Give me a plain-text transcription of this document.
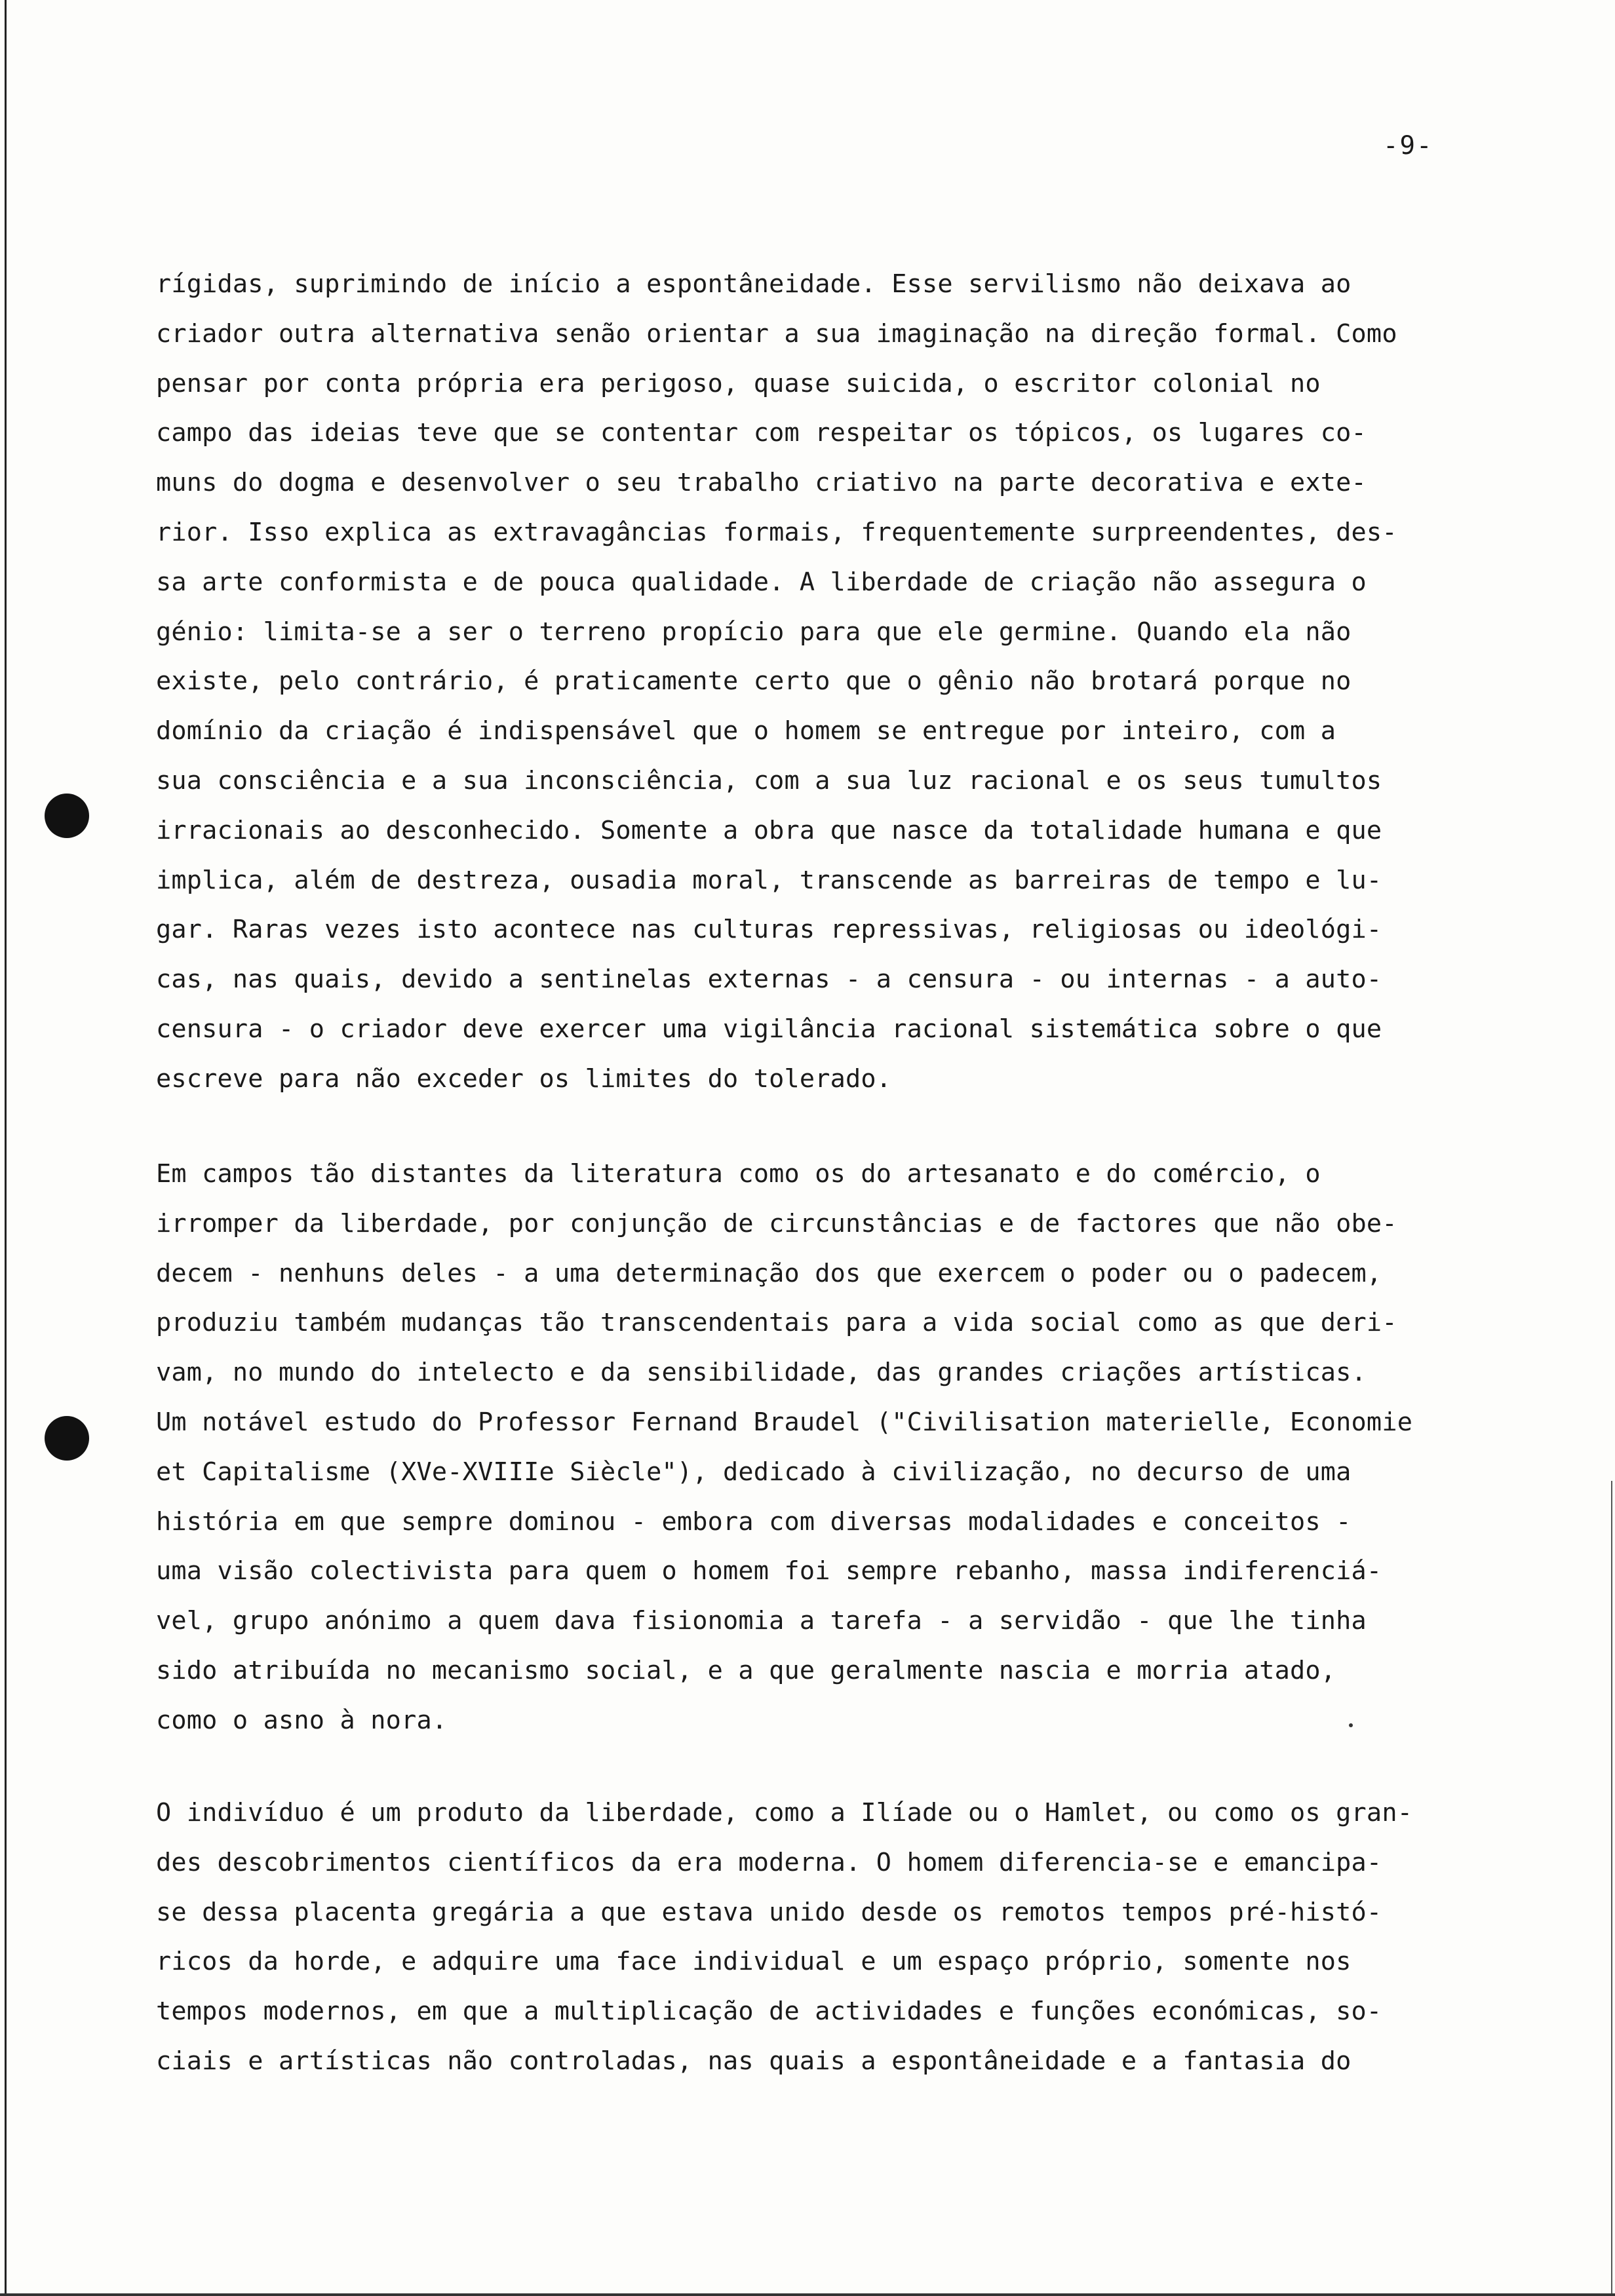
-9-
rígidas, suprimindo de início a espontâneidade. Esse servilismo não deixava ao
criador outra alternativa senão orientar a sua imaginação na direção formal. Como
pensar por conta própria era perigoso, quase suicida, o escritor colonial no
campo das ideias teve que se contentar com respeitar os tópicos, os lugares co-
muns do dogma e desenvolver o seu trabalho criativo na parte decorativa e exte-
rior. Isso explica as extravagâncias formais, frequentemente surpreendentes, des-
sa arte conformista e de pouca qualidade. A liberdade de criação não assegura o
génio: limita-se a ser o terreno propício para que ele germine. Quando ela não
existe, pelo contrário, é praticamente certo que o gênio não brotará porque no
domínio da criação é indispensável que o homem se entregue por inteiro, com a
sua consciência e a sua inconsciência, com a sua luz racional e os seus tumultos
irracionais ao desconhecido. Somente a obra que nasce da totalidade humana e que
implica, além de destreza, ousadia moral, transcende as barreiras de tempo e lu-
gar. Raras vezes isto acontece nas culturas repressivas, religiosas ou ideológi-
cas, nas quais, devido a sentinelas externas - a censura - ou internas - a auto-
censura - o criador deve exercer uma vigilância racional sistemática sobre o que
escreve para não exceder os limites do tolerado.
Em campos tão distantes da literatura como os do artesanato e do comércio, o
irromper da liberdade, por conjunção de circunstâncias e de factores que não obe-
decem - nenhuns deles - a uma determinação dos que exercem o poder ou o padecem,
produziu também mudanças tão transcendentais para a vida social como as que deri-
vam, no mundo do intelecto e da sensibilidade, das grandes criações artísticas.
Um notável estudo do Professor Fernand Braudel ("Civilisation materielle, Economie
et Capitalisme (XVe-XVIIIe Siècle"), dedicado à civilização, no decurso de uma
história em que sempre dominou - embora com diversas modalidades e conceitos -
uma visão colectivista para quem o homem foi sempre rebanho, massa indiferenciá-
vel, grupo anónimo a quem dava fisionomia a tarefa - a servidão - que lhe tinha
sido atribuída no mecanismo social, e a que geralmente nascia e morria atado,
como o asno à nora.
O indivíduo é um produto da liberdade, como a Ilíade ou o Hamlet, ou como os gran-
des descobrimentos científicos da era moderna. O homem diferencia-se e emancipa-
se dessa placenta gregária a que estava unido desde os remotos tempos pré-histó-
ricos da horde, e adquire uma face individual e um espaço próprio, somente nos
tempos modernos, em que a multiplicação de actividades e funções económicas, so-
ciais e artísticas não controladas, nas quais a espontâneidade e a fantasia do
